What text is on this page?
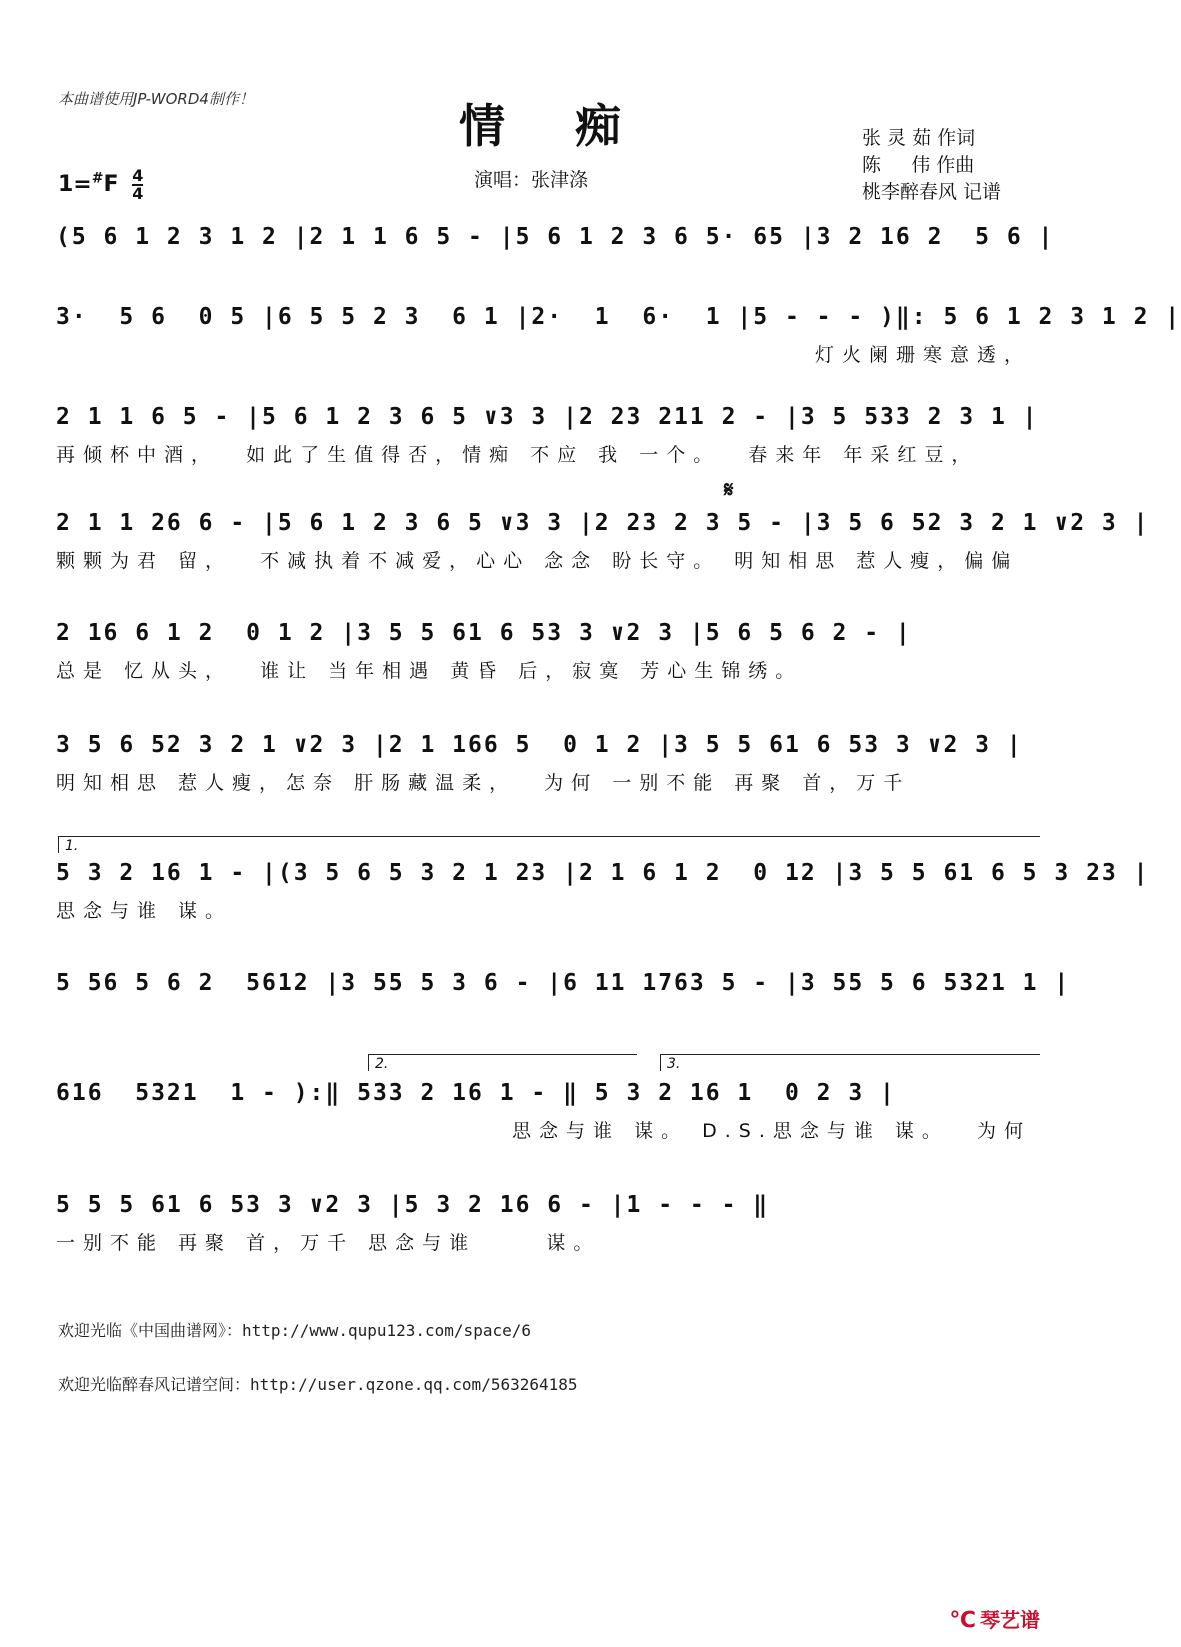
本曲谱使用JP-WORD4制作！	情痴
$1=^{\#}F \frac{4}{4}$	演唱：张津涤
张 灵 茹 作词
陈     伟 作曲
桃李醉春风 记谱
(5 6 1 2 3 1 2 |2 1 1 6 5 - |5 6 1 2 3 6 5· 65 |3 2 16 2  5 6 |
3·  5 6  0 5 |6 5 5 2 3  6 1 |2·  1  6·  1 |5 - - - )‖: 5 6 1 2 3 1 2 |
灯火阑珊寒意透，
2 1 1 6 5 - |5 6 1 2 3 6 5 ∨3 3 |2 23 211 2 - |3 5 533 2 3 1 |
再倾杯中酒，  如此了生值得否，情痴 不应 我 一个。  春来年 年采红豆，
𝄋
2 1 1 26 6 - |5 6 1 2 3 6 5 ∨3 3 |2 23 2 3 5 - |3 5 6 52 3 2 1 ∨2 3 |
颗颗为君 留，  不减执着不减爱，心心 念念 盼长守。 明知相思 惹人瘦，偏偏
2 16 6 1 2  0 1 2 |3 5 5 61 6 53 3 ∨2 3 |5 6 5 6 2 - |
总是 忆从头，  谁让 当年相遇 黄昏 后，寂寞 芳心生锦绣。
3 5 6 52 3 2 1 ∨2 3 |2 1 166 5  0 1 2 |3 5 5 61 6 53 3 ∨2 3 |
明知相思 惹人瘦，怎奈 肝肠藏温柔，  为何 一别不能 再聚 首，万千
1.
5 3 2 16 1 - |(3 5 6 5 3 2 1 23 |2 1 6 1 2  0 12 |3 5 5 61 6 5 3 23 |
思念与谁 谋。
5 56 5 6 2  5612 |3 55 5 3 6 - |6 11 1763 5 - |3 55 5 6 5321 1 |
2.	3.
616  5321  1 - ):‖ 533 2 16 1 - ‖ 5 3 2 16 1  0 2 3 |
思念与谁 谋。 D.S.思念与谁 谋。  为何
5 5 5 61 6 53 3 ∨2 3 |5 3 2 16 6 - |1 - - - ‖
一别不能 再聚 首，万千 思念与谁     谋。
欢迎光临《中国曲谱网》：http://www.qupu123.com/space/6
欢迎光临醉春风记谱空间：http://user.qzone.qq.com/563264185
℃ 琴艺谱
